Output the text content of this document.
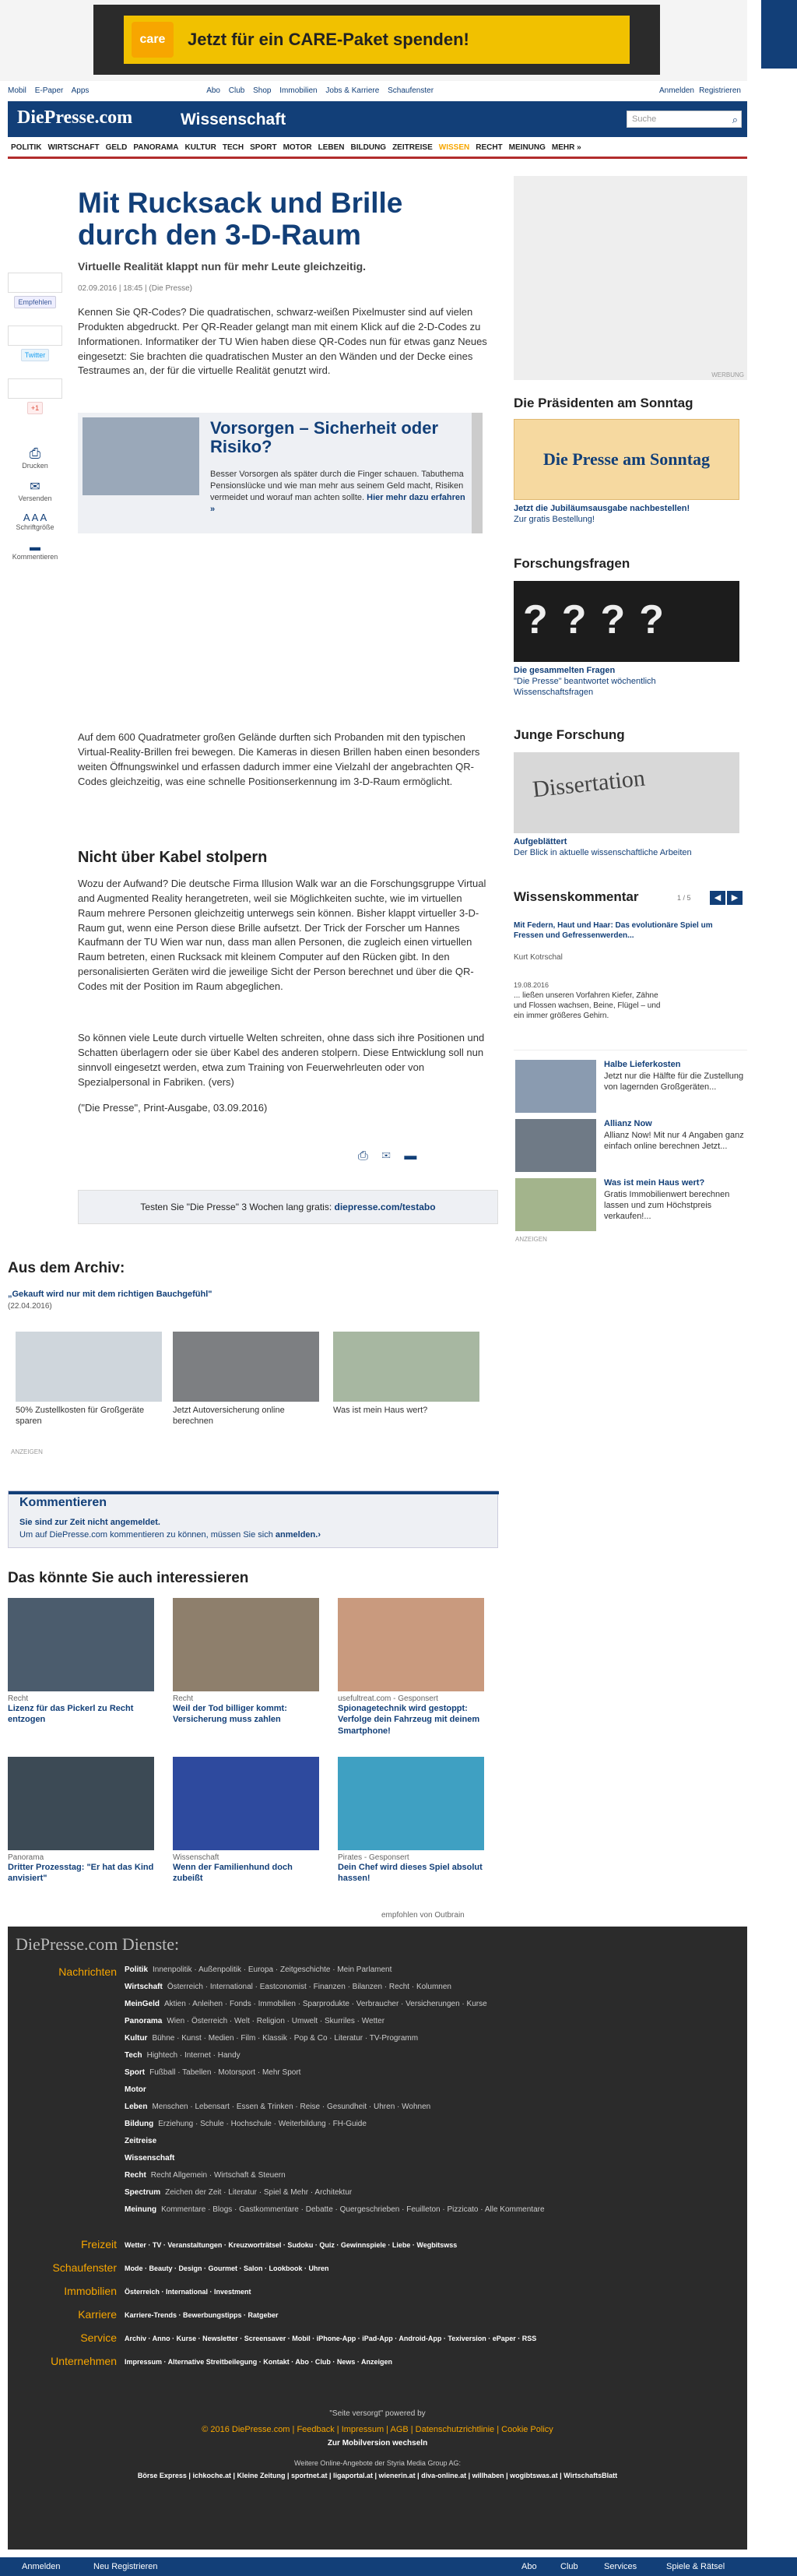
care	Jetzt für ein CARE-Paket spenden!
Mobil E-Paper Apps	Abo Club Shop Immobilien Jobs & Karriere Schaufenster	Anmelden Registrieren
DiePresse.com	Wissenschaft	Suche	⌕
POLITIK WIRTSCHAFT GELD PANORAMA KULTUR TECH SPORT MOTOR LEBEN BILDUNG ZEITREISE WISSEN RECHT MEINUNG MEHR »
Empfehlen
Twitter
+1
⎙
Drucken
✉
Versenden
A A A
Schriftgröße
▬
Kommentieren
Mit Rucksack und Brille durch den 3-D-Raum
Virtuelle Realität klappt nun für mehr Leute gleichzeitig.
02.09.2016 | 18:45 | (Die Presse)

Kennen Sie QR-Codes? Die quadratischen, schwarz-weißen Pixelmuster sind auf vielen Produkten abgedruckt. Per QR-Reader gelangt man mit einem Klick auf die 2-D-Codes zu Informationen. Informatiker der TU Wien haben diese QR-Codes nun für etwas ganz Neues eingesetzt: Sie brachten die quadratischen Muster an den Wänden und der Decke eines Testraumes an, der für die virtuelle Realität genutzt wird.

Vorsorgen – Sicherheit oder Risiko?

Besser Vorsorgen als später durch die Finger schauen. Tabuthema Pensionslücke und wie man mehr aus seinem Geld macht, Risiken vermeidet und worauf man achten sollte. Hier mehr dazu erfahren »

Auf dem 600 Quadratmeter großen Gelände durften sich Probanden mit den typischen Virtual-Reality-Brillen frei bewegen. Die Kameras in diesen Brillen haben einen besonders weiten Öffnungswinkel und erfassen dadurch immer eine Vielzahl der angebrachten QR-Codes gleichzeitig, was eine schnelle Positionserkennung im 3-D-Raum ermöglicht.

Nicht über Kabel stolpern

Wozu der Aufwand? Die deutsche Firma Illusion Walk war an die Forschungsgruppe Virtual and Augmented Reality herangetreten, weil sie Möglichkeiten suchte, wie im virtuellen Raum mehrere Personen gleichzeitig unterwegs sein können. Bisher klappt virtueller 3-D-Raum gut, wenn eine Person diese Brille aufsetzt. Der Trick der Forscher um Hannes Kaufmann der TU Wien war nun, dass man allen Personen, die zugleich einen virtuellen Raum betreten, einen Rucksack mit kleinem Computer auf den Rücken gibt. In den personalisierten Geräten wird die jeweilige Sicht der Person berechnet und über die QR-Codes mit der Position im Raum abgeglichen.

So können viele Leute durch virtuelle Welten schreiten, ohne dass sich ihre Positionen und Schatten überlagern oder sie über Kabel des anderen stolpern. Diese Entwicklung soll nun sinnvoll eingesetzt werden, etwa zum Training von Feuerwehrleuten oder von Spezialpersonal in Fabriken. (vers)

("Die Presse", Print-Ausgabe, 03.09.2016)

⎙ ✉ ▬
Testen Sie "Die Presse" 3 Wochen lang gratis: diepresse.com/testabo
WERBUNG
Die Präsidenten am Sonntag
Die Presse am Sonntag
Jetzt die Jubiläumsausgabe nachbestellen!
Zur gratis Bestellung!
Forschungsfragen
????
Die gesammelten Fragen
"Die Presse" beantwortet wöchentlich Wissenschaftsfragen
Junge Forschung
Dissertation
Aufgeblättert
Der Blick in aktuelle wissenschaftliche Arbeiten
Wissenskommentar	1 / 5	◀ ▶
Mit Federn, Haut und Haar: Das evolutionäre Spiel um Fressen und Gefressenwerden...
Kurt Kotrschal
19.08.2016
... ließen unseren Vorfahren Kiefer, Zähne und Flossen wachsen, Beine, Flügel – und ein immer größeres Gehirn.
Halbe Lieferkosten

Jetzt nur die Hälfte für die Zustellung von lagernden Großgeräten...

Allianz Now

Allianz Now! Mit nur 4 Angaben ganz einfach online berechnen Jetzt...

Was ist mein Haus wert?

Gratis Immobilienwert berechnen lassen und zum Höchstpreis verkaufen!...

ANZEIGEN
Aus dem Archiv:
„Gekauft wird nur mit dem richtigen Bauchgefühl"
(22.04.2016)

50% Zustellkosten für Großgeräte sparen

Jetzt Autoversicherung online berechnen

Was ist mein Haus wert?

ANZEIGEN
Kommentieren

Sie sind zur Zeit nicht angemeldet.

Um auf DiePresse.com kommentieren zu können, müssen Sie sich anmelden.›

Das könnte Sie auch interessieren
Recht
Lizenz für das Pickerl zu Recht entzogen
Recht
Weil der Tod billiger kommt: Versicherung muss zahlen
usefultreat.com - Gesponsert
Spionagetechnik wird gestoppt: Verfolge dein Fahrzeug mit deinem Smartphone!
Panorama
Dritter Prozesstag: "Er hat das Kind anvisiert"
Wissenschaft
Wenn der Familienhund doch zubeißt
Pirates - Gesponsert
Dein Chef wird dieses Spiel absolut hassen!
empfohlen von Outbrain
DiePresse.com Dienste:
Nachrichten Politik Innenpolitik · Außenpolitik · Europa · Zeitgeschichte · Mein Parlament
Wirtschaft Österreich · International · Eastconomist · Finanzen · Bilanzen · Recht · Kolumnen
MeinGeld Aktien · Anleihen · Fonds · Immobilien · Sparprodukte · Verbraucher · Versicherungen · Kurse
Panorama Wien · Österreich · Welt · Religion · Umwelt · Skurriles · Wetter
Kultur Bühne · Kunst · Medien · Film · Klassik · Pop & Co · Literatur · TV-Programm
Tech Hightech · Internet · Handy
Sport Fußball · Tabellen · Motorsport · Mehr Sport
Motor
Leben Menschen · Lebensart · Essen & Trinken · Reise · Gesundheit · Uhren · Wohnen
Bildung Erziehung · Schule · Hochschule · Weiterbildung · FH-Guide
Zeitreise
Wissenschaft
Recht Recht Allgemein · Wirtschaft & Steuern
Spectrum Zeichen der Zeit · Literatur · Spiel & Mehr · Architektur
Meinung Kommentare · Blogs · Gastkommentare · Debatte · Quergeschrieben · Feuilleton · Pizzicato · Alle Kommentare
Freizeit Wetter · TV · Veranstaltungen · Kreuzworträtsel · Sudoku · Quiz · Gewinnspiele · Liebe · Wegbitswss
Schaufenster Mode · Beauty · Design · Gourmet · Salon · Lookbook · Uhren
Immobilien Österreich · International · Investment
Karriere Karriere-Trends · Bewerbungstipps · Ratgeber
Service Archiv · Anno · Kurse · Newsletter · Screensaver · Mobil · iPhone-App · iPad-App · Android-App · Texiversion · ePaper · RSS
Unternehmen Impressum · Alternative Streitbeilegung · Kontakt · Abo · Club · News · Anzeigen
"Seite versorgt" powered by
© 2016 DiePresse.com | Feedback | Impressum | AGB | Datenschutzrichtlinie | Cookie Policy
Zur Mobilversion wechseln
Weitere Online-Angebote der Styria Media Group AG:
Börse Express | ichkoche.at | Kleine Zeitung | sportnet.at | ligaportal.at | wienerin.at | diva-online.at | willhaben | wogibtswas.at | WirtschaftsBlatt
Anmelden	Neu Registrieren	Abo	Club	Services	Spiele & Rätsel
